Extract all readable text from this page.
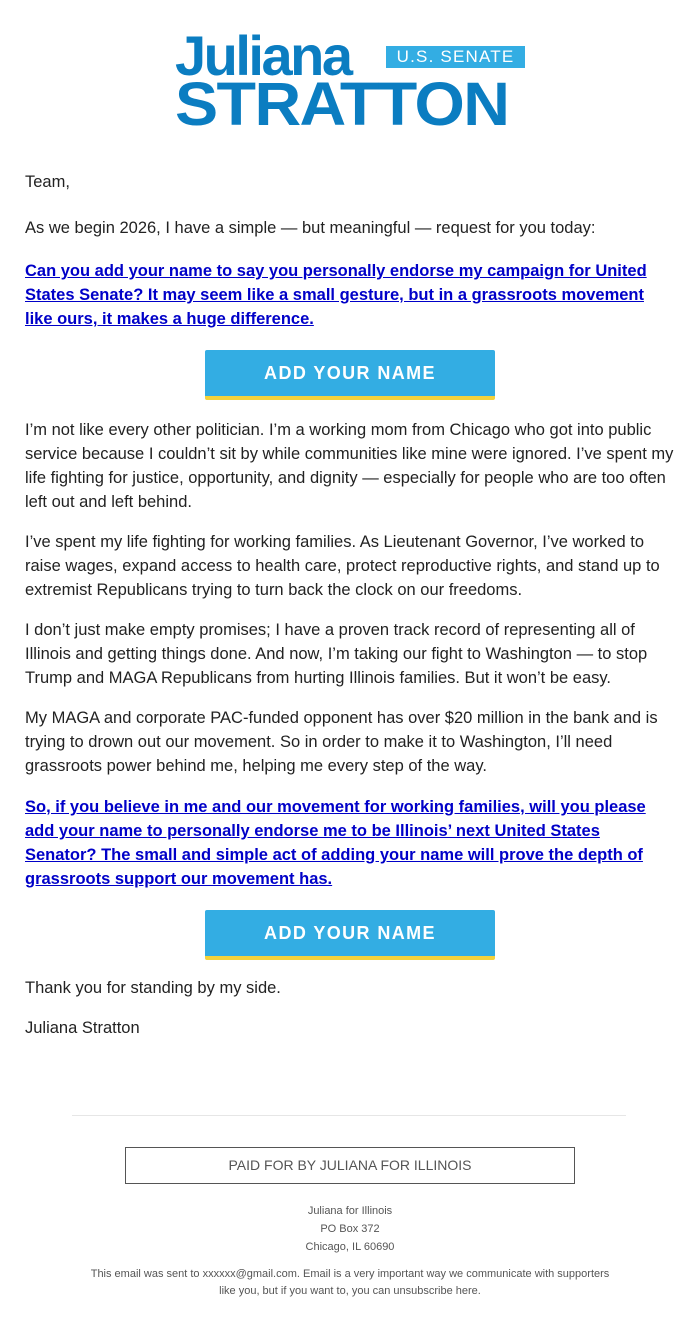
Juliana	U.S. SENATE
STRATTON

Team,

As we begin 2026, I have a simple — but meaningful — request for you today:

Can you add your name to say you personally endorse my campaign for United States Senate? It may seem like a small gesture, but in a grassroots movement like ours, it makes a huge difference.
ADD YOUR NAME

I’m not like every other politician. I’m a working mom from Chicago who got into public service because I couldn’t sit by while communities like mine were ignored. I’ve spent my life fighting for justice, opportunity, and dignity — especially for people who are too often left out and left behind.

I’ve spent my life fighting for working families. As Lieutenant Governor, I’ve worked to raise wages, expand access to health care, protect reproductive rights, and stand up to extremist Republicans trying to turn back the clock on our freedoms.

I don’t just make empty promises; I have a proven track record of representing all of Illinois and getting things done. And now, I’m taking our fight to Washington — to stop Trump and MAGA Republicans from hurting Illinois families. But it won’t be easy.

My MAGA and corporate PAC-funded opponent has over $20 million in the bank and is trying to drown out our movement. So in order to make it to Washington, I’ll need grassroots power behind me, helping me every step of the way.

So, if you believe in me and our movement for working families, will you please add your name to personally endorse me to be Illinois’ next United States Senator? The small and simple act of adding your name will prove the depth of grassroots support our movement has.
ADD YOUR NAME

Thank you for standing by my side.

Juliana Stratton

PAID FOR BY JULIANA FOR ILLINOIS
Juliana for Illinois
PO Box 372
Chicago, IL 60690
This email was sent to xxxxxx@gmail.com. Email is a very important way we communicate with supporters like you, but if you want to, you can unsubscribe here.
